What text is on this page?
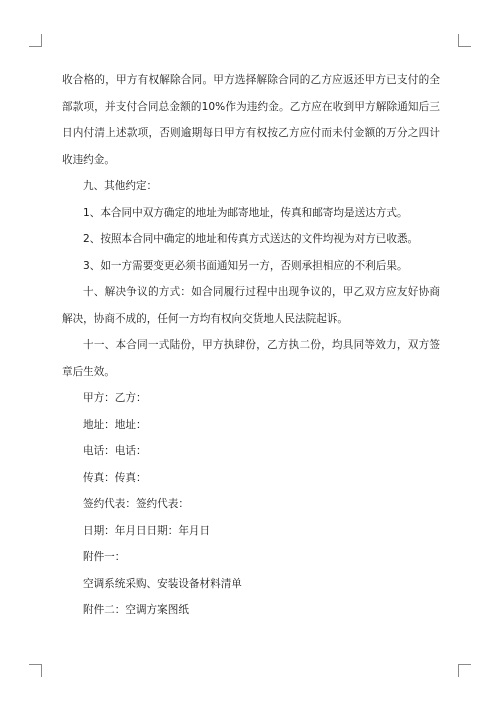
收合格的，甲方有权解除合同。甲方选择解除合同的乙方应返还甲方已支付的全部款项，并支付合同总金额的10%作为违约金。乙方应在收到甲方解除通知后三日内付清上述款项，否则逾期每日甲方有权按乙方应付而未付金额的万分之四计收违约金。

九、其他约定：

1、本合同中双方确定的地址为邮寄地址，传真和邮寄均是送达方式。

2、按照本合同中确定的地址和传真方式送达的文件均视为对方已收悉。

3、如一方需要变更必须书面通知另一方，否则承担相应的不利后果。

十、解决争议的方式：如合同履行过程中出现争议的，甲乙双方应友好协商解决，协商不成的，任何一方均有权向交货地人民法院起诉。

十一、本合同一式陆份，甲方执肆份，乙方执二份，均具同等效力，双方签章后生效。

甲方：乙方：

地址：地址：

电话：电话：

传真：传真：

签约代表：签约代表：

日期：年月日日期：年月日

附件一：

空调系统采购、安装设备材料清单

附件二：空调方案图纸
